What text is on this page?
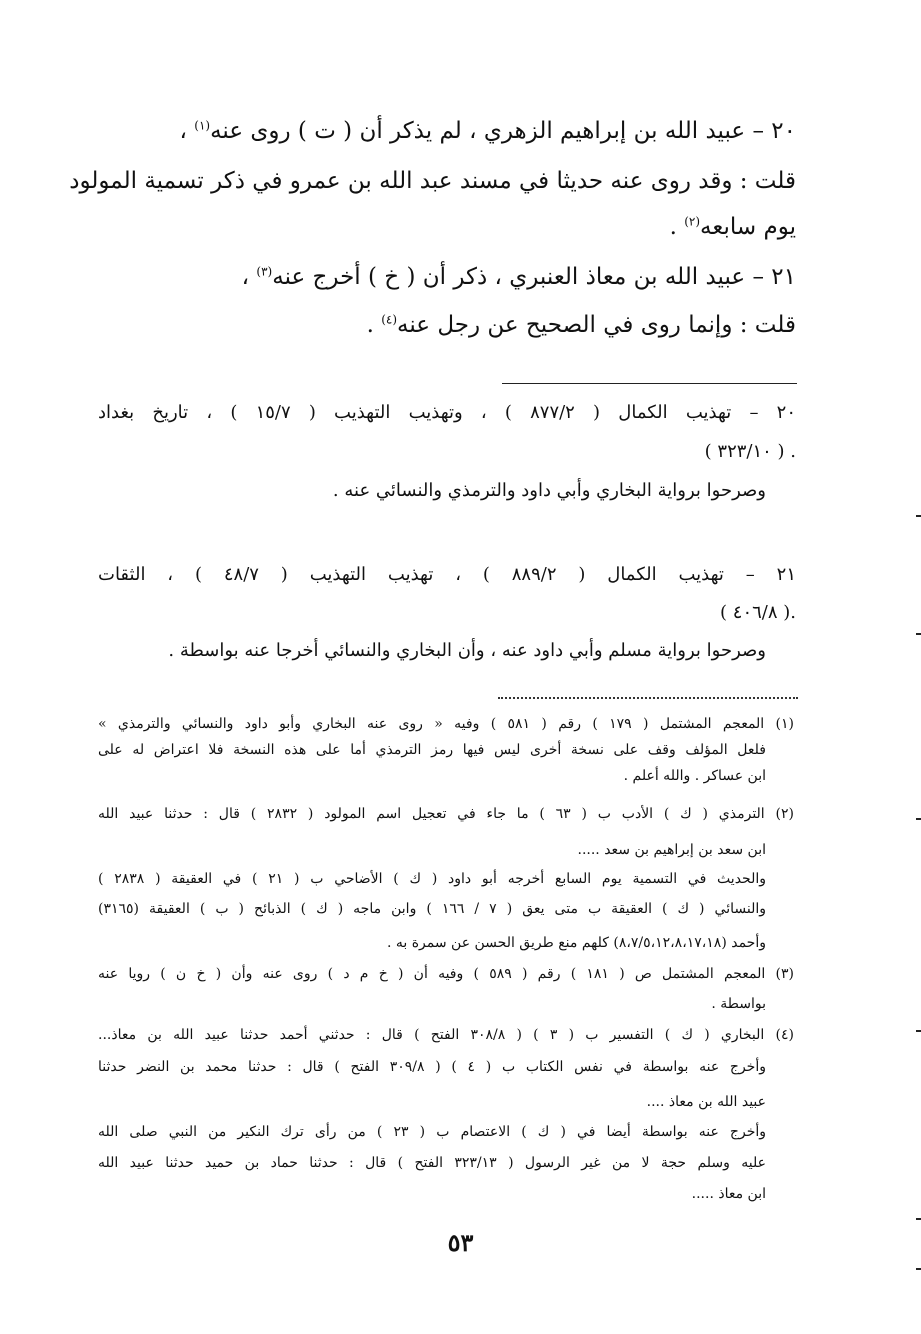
٢٠ – عبيد الله بن إبراهيم الزهري ، لم يذكر أن ( ت ) روى عنه$^{(١)}$ ،
قلت : وقد روى عنه حديثا في مسند عبد الله بن عمرو في ذكر تسمية المولود
يوم سابعه$^{(٢)}$ .
٢١ – عبيد الله بن معاذ العنبري ، ذكر أن ( خ ) أخرج عنه$^{(٣)}$ ،
قلت : وإنما روى في الصحيح عن رجل عنه$^{(٤)}$ .
٢٠ – تهذيب الكمال ( ٨٧٧/٢ ) ، وتهذيب التهذيب ( ١٥/٧ ) ، تاريخ بغداد
. ( ٣٢٣/١٠ )
وصرحوا برواية البخاري وأبي داود والترمذي والنسائي عنه .
٢١ – تهذيب الكمال ( ٨٨٩/٢ ) ، تهذيب التهذيب ( ٤٨/٧ ) ، الثقات
.( ٤٠٦/٨ )
وصرحوا برواية مسلم وأبي داود عنه ، وأن البخاري والنسائي أخرجا عنه بواسطة .
(١) المعجم المشتمل ( ١٧٩ ) رقم ( ٥٨١ ) وفيه « روى عنه البخاري وأبو داود والنسائي والترمذي »
فلعل المؤلف وقف على نسخة أخرى ليس فيها رمز الترمذي أما على هذه النسخة فلا اعتراض له على
ابن عساكر . والله أعلم .
(٢) الترمذي ( ك ) الأدب ب ( ٦٣ ) ما جاء في تعجيل اسم المولود ( ٢٨٣٢ ) قال : حدثنا عبيد الله
ابن سعد بن إبراهيم بن سعد .....
والحديث في التسمية يوم السابع أخرجه أبو داود ( ك ) الأضاحي ب ( ٢١ ) في العقيقة ( ٢٨٣٨ )
والنسائي ( ك ) العقيقة ب متى يعق ( ٧ / ١٦٦ ) وابن ماجه ( ك ) الذبائح ( ب ) العقيقة (٣١٦٥)
وأحمد (٨،٧/٥،١٢،٨،١٧،١٨) كلهم منع طريق الحسن عن سمرة به .
(٣) المعجم المشتمل ص ( ١٨١ ) رقم ( ٥٨٩ ) وفيه أن ( خ م د ) روى عنه وأن ( خ ن ) رويا عنه
بواسطة .
(٤) البخاري ( ك ) التفسير ب ( ٣ ) ( ٣٠٨/٨ الفتح ) قال : حدثني أحمد حدثنا عبيد الله بن معاذ...
وأخرج عنه بواسطة في نفس الكتاب ب ( ٤ ) ( ٣٠٩/٨ الفتح ) قال : حدثنا محمد بن النضر حدثنا
عبيد الله بن معاذ ....
وأخرج عنه بواسطة أيضا في ( ك ) الاعتصام ب ( ٢٣ ) من رأى ترك النكير من النبي صلى الله
عليه وسلم حجة لا من غير الرسول ( ٣٢٣/١٣ الفتح ) قال : حدثنا حماد بن حميد حدثنا عبيد الله
ابن معاذ .....
٥٣
